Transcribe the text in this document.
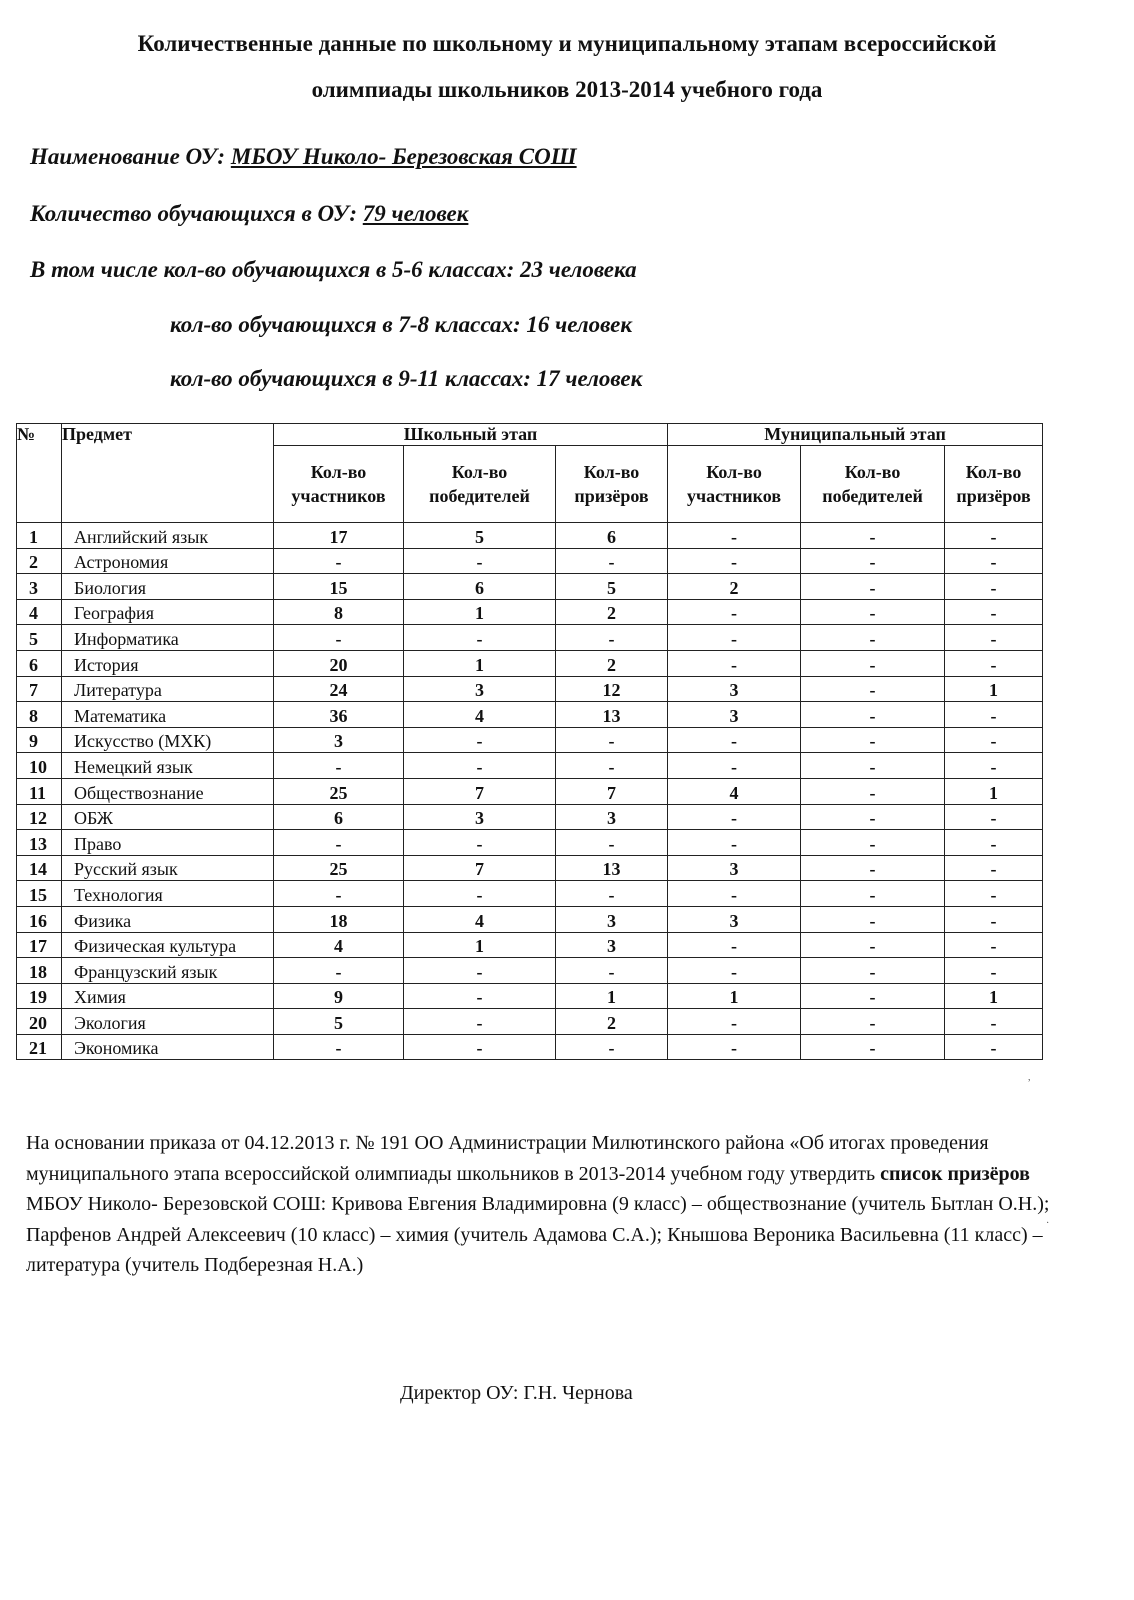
Количественные данные по школьному и муниципальному этапам всероссийской
олимпиады школьников 2013-2014 учебного года
Наименование ОУ: МБОУ Николо- Березовская СОШ
Количество обучающихся в ОУ: 79 человек
В том числе кол-во обучающихся в 5-6 классах: 23 человека
кол-во обучающихся в 7-8 классах: 16 человек
кол-во обучающихся в 9-11 классах: 17 человек
№	Предмет	Школьный этап			Муниципальный этап		
		Кол-во участников	Кол-во победителей	Кол-во призёров	Кол-во участников	Кол-во победителей	Кол-во призёров
1	Английский язык	17	5	6	-	-	-
2	Астрономия	-	-	-	-	-	-
3	Биология	15	6	5	2	-	-
4	География	8	1	2	-	-	-
5	Информатика	-	-	-	-	-	-
6	История	20	1	2	-	-	-
7	Литература	24	3	12	3	-	1
8	Математика	36	4	13	3	-	-
9	Искусство (МХК)	3	-	-	-	-	-
10	Немецкий язык	-	-	-	-	-	-
11	Обществознание	25	7	7	4	-	1
12	ОБЖ	6	3	3	-	-	-
13	Право	-	-	-	-	-	-
14	Русский язык	25	7	13	3	-	-
15	Технология	-	-	-	-	-	-
16	Физика	18	4	3	3	-	-
17	Физическая культура	4	1	3	-	-	-
18	Французский язык	-	-	-	-	-	-
19	Химия	9	-	1	1	-	1
20	Экология	5	-	2	-	-	-
21	Экономика	-	-	-	-	-	-
На основании приказа от 04.12.2013 г. № 191 ОО Администрации Милютинского района «Об итогах проведения муниципального этапа всероссийской олимпиады школьников в 2013-2014 учебном году утвердить список призёров МБОУ Николо- Березовской СОШ: Кривова Евгения Владимировна (9 класс) – обществознание (учитель Бытлан О.Н.); Парфенов Андрей Алексеевич (10 класс) – химия (учитель Адамова С.А.); Кнышова Вероника Васильевна (11 класс) – литература (учитель Подберезная Н.А.)
Директор ОУ: Г.Н. Чернова
,
·
